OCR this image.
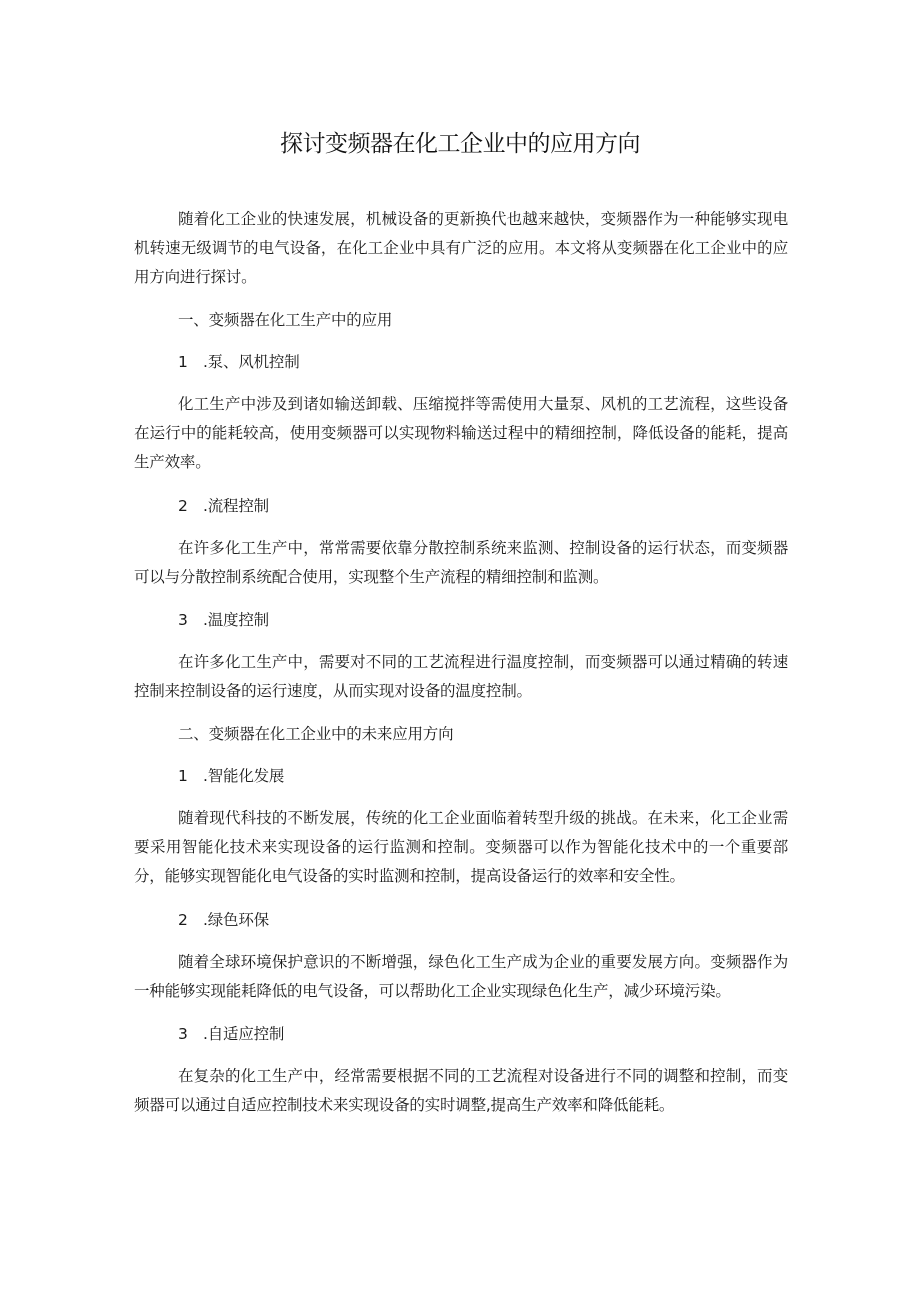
探讨变频器在化工企业中的应用方向

随着化工企业的快速发展，机械设备的更新换代也越来越快，变频器作为一种能够实现电机转速无级调节的电气设备，在化工企业中具有广泛的应用。本文将从变频器在化工企业中的应用方向进行探讨。

一、变频器在化工生产中的应用

1 .泵、风机控制

化工生产中涉及到诸如输送卸载、压缩搅拌等需使用大量泵、风机的工艺流程，这些设备在运行中的能耗较高，使用变频器可以实现物料输送过程中的精细控制，降低设备的能耗，提高生产效率。

2 .流程控制

在许多化工生产中，常常需要依靠分散控制系统来监测、控制设备的运行状态，而变频器可以与分散控制系统配合使用，实现整个生产流程的精细控制和监测。

3 .温度控制

在许多化工生产中，需要对不同的工艺流程进行温度控制，而变频器可以通过精确的转速控制来控制设备的运行速度，从而实现对设备的温度控制。

二、变频器在化工企业中的未来应用方向

1 .智能化发展

随着现代科技的不断发展，传统的化工企业面临着转型升级的挑战。在未来，化工企业需要采用智能化技术来实现设备的运行监测和控制。变频器可以作为智能化技术中的一个重要部分，能够实现智能化电气设备的实时监测和控制，提高设备运行的效率和安全性。

2 .绿色环保

随着全球环境保护意识的不断增强，绿色化工生产成为企业的重要发展方向。变频器作为一种能够实现能耗降低的电气设备，可以帮助化工企业实现绿色化生产，减少环境污染。

3 .自适应控制

在复杂的化工生产中，经常需要根据不同的工艺流程对设备进行不同的调整和控制，而变频器可以通过自适应控制技术来实现设备的实时调整,提高生产效率和降低能耗。
